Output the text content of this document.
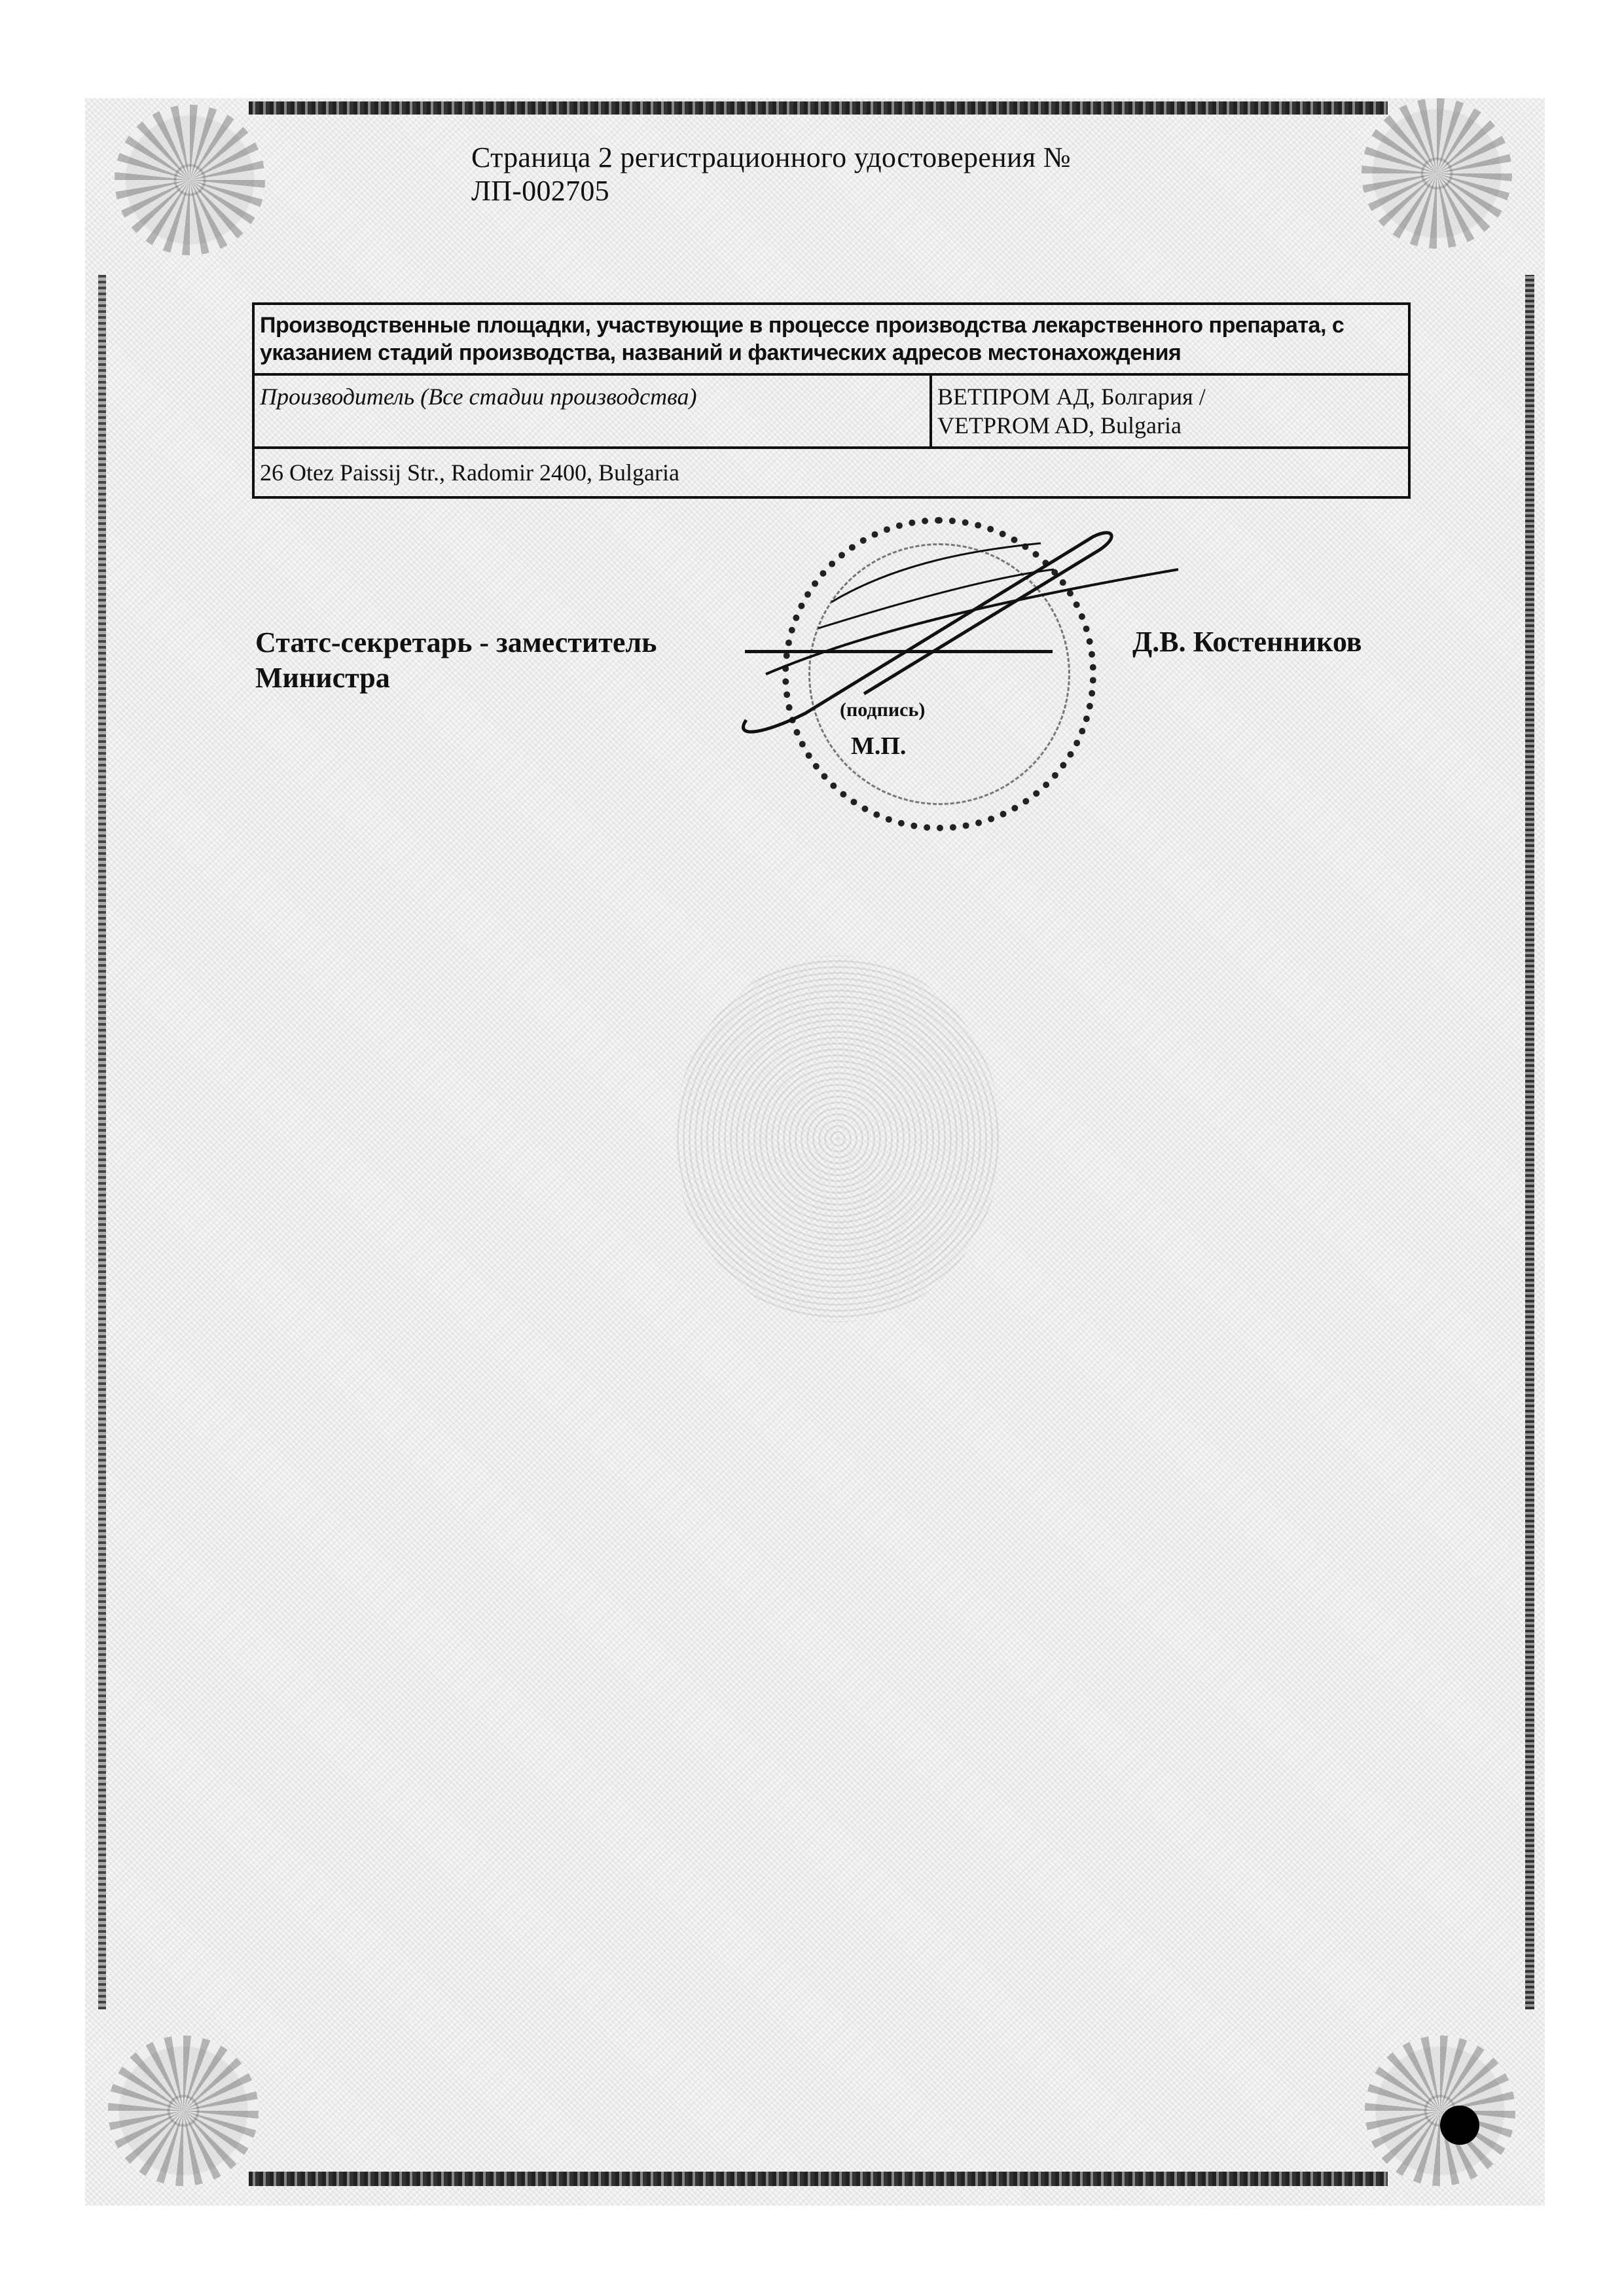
Страница 2 регистрационного удостоверения № ЛП-002705
Производственные площадки, участвующие в процессе производства лекарственного препарата, с указанием стадий производства, названий и фактических адресов местонахождения
Производитель (Все стадии производства)	ВЕТПРОМ АД, Болгария /
VETPROM AD, Bulgaria

26 Otez Paissij Str., Radomir 2400, Bulgaria
Статс-секретарь - заместитель
Министра
(подпись)
М.П.
Д.В. Костенников
